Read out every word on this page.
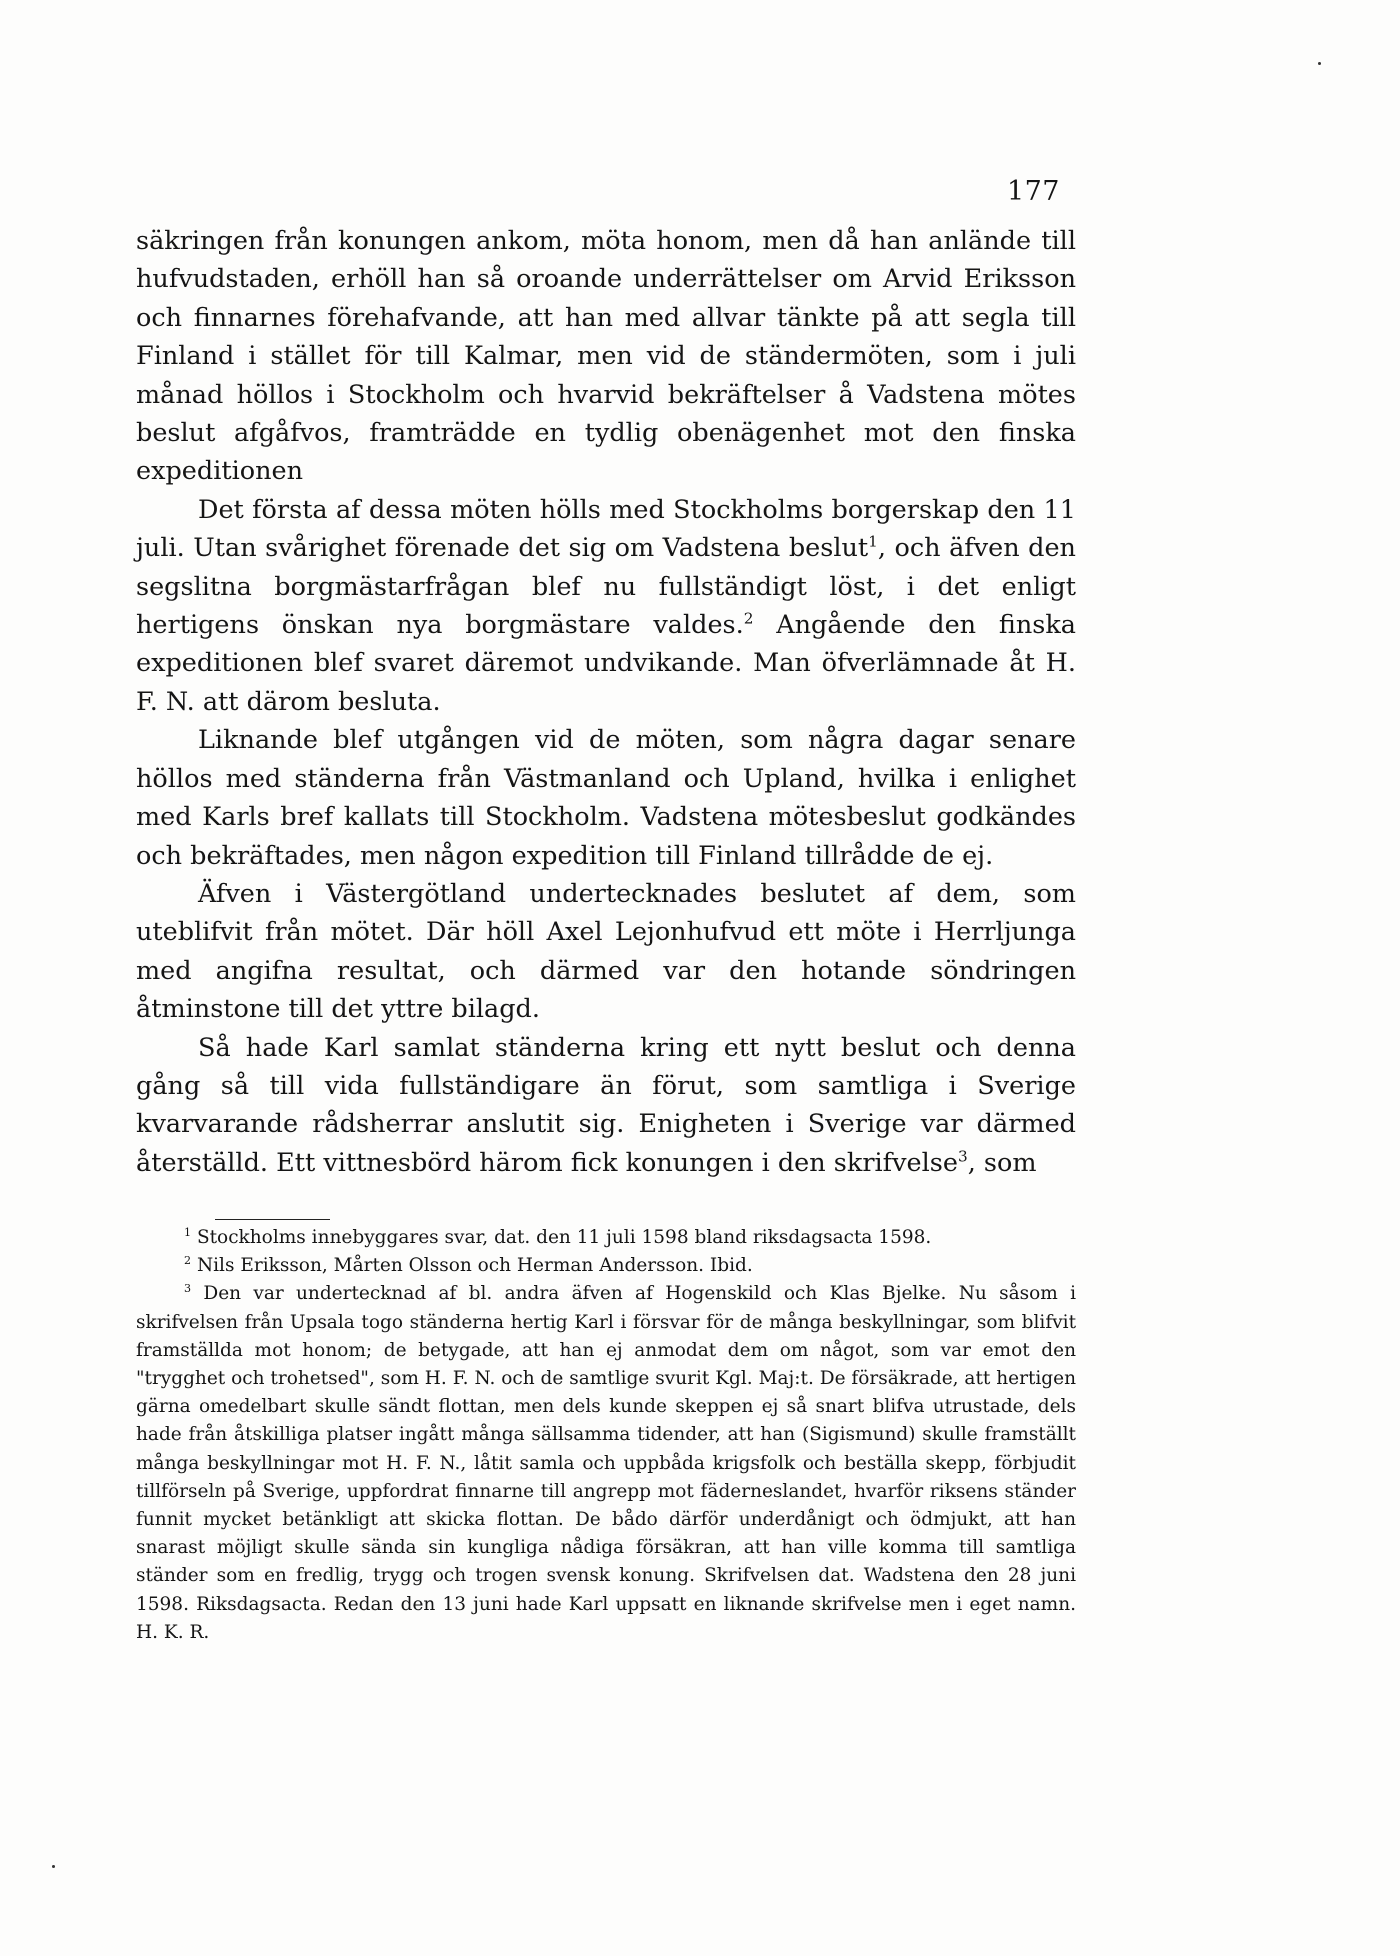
177

säkringen från konungen ankom, möta honom, men då han anlände till hufvudstaden, erhöll han så oroande underrättelser om Arvid Eriksson och finnarnes förehafvande, att han med allvar tänkte på att segla till Finland i stället för till Kalmar, men vid de ständermöten, som i juli månad höllos i Stockholm och hvarvid bekräftelser å Vadstena mötes beslut afgåfvos, framträdde en tydlig obenägenhet mot den finska expeditionen

Det första af dessa möten hölls med Stockholms borgerskap den 11 juli. Utan svårighet förenade det sig om Vadstena beslut$^1$, och äfven den segslitna borgmästarfrågan blef nu fullständigt löst, i det enligt hertigens önskan nya borgmästare valdes.$^2$ Angående den finska expeditionen blef svaret däremot undvikande. Man öfverlämnade åt H. F. N. att därom besluta.

Liknande blef utgången vid de möten, som några dagar senare höllos med ständerna från Västmanland och Upland, hvilka i enlighet med Karls bref kallats till Stockholm. Vadstena mötesbeslut godkändes och bekräftades, men någon expedition till Finland tillrådde de ej.

Äfven i Västergötland undertecknades beslutet af dem, som uteblifvit från mötet. Där höll Axel Lejonhufvud ett möte i Herrljunga med angifna resultat, och därmed var den hotande söndringen åtminstone till det yttre bilagd.

Så hade Karl samlat ständerna kring ett nytt beslut och denna gång så till vida fullständigare än förut, som samtliga i Sverige kvarvarande rådsherrar anslutit sig. Enigheten i Sverige var därmed återställd. Ett vittnesbörd härom fick konungen i den skrifvelse$^3$, som

$^1$ Stockholms innebyggares svar, dat. den 11 juli 1598 bland riksdagsacta 1598.

$^2$ Nils Eriksson, Mårten Olsson och Herman Andersson. Ibid.

$^3$ Den var undertecknad af bl. andra äfven af Hogenskild och Klas Bjelke. Nu såsom i skrifvelsen från Upsala togo ständerna hertig Karl i försvar för de många beskyllningar, som blifvit framställda mot honom; de betygade, att han ej anmodat dem om något, som var emot den "trygghet och trohetsed", som H. F. N. och de samtlige svurit Kgl. Maj:t. De försäkrade, att hertigen gärna omedelbart skulle sändt flottan, men dels kunde skeppen ej så snart blifva utrustade, dels hade från åtskilliga platser ingått många sällsamma tidender, att han (Sigismund) skulle framställt många beskyllningar mot H. F. N., låtit samla och uppbåda krigsfolk och beställa skepp, förbjudit tillförseln på Sverige, uppfordrat finnarne till angrepp mot fäderneslandet, hvarför riksens ständer funnit mycket betänkligt att skicka flottan. De bådo därför underdånigt och ödmjukt, att han snarast möjligt skulle sända sin kungliga nådiga försäkran, att han ville komma till samtliga ständer som en fredlig, trygg och trogen svensk konung. Skrifvelsen dat. Wadstena den 28 juni 1598. Riksdagsacta. Redan den 13 juni hade Karl uppsatt en liknande skrifvelse men i eget namn. H. K. R.
